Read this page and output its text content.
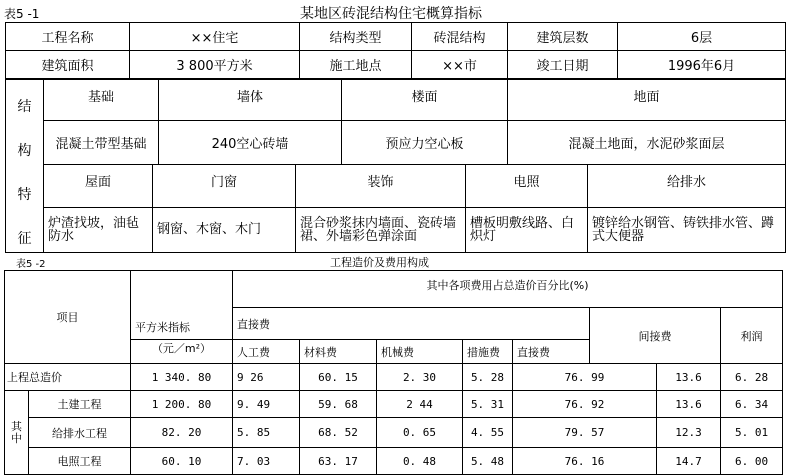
表5 -1	某地区砖混结构住宅概算指标
工程名称	××住宅	结构类型	砖混结构	建筑层数	6层
建筑面积	3 800平方米	施工地点	××市	竣工日期	1996年6月
结
构
特
征	基础		墙体		楼面		地面	
	混凝土带型基础		240空心砖墙		预应力空心板		混凝土地面，水泥砂浆面层	
	屋面	门窗		装饰		电照		给排水
	炉渣找坡，油毡防水	钢窗、木窗、木门		混合砂浆抹内墙面、瓷砖墙裙、外墙彩色弹涂面		槽板明敷线路、白炽灯		镀锌给水钢管、铸铁排水管、蹲式大便器
表5 -2	工程造价及费用构成
项目		平方米指标	其中各项费用占总造价百分比(%)								
			直接费					间接费		利润	
		（元／m²）	人工费	材料费	机械费	措施费	直接费				
上程总造价		1 340. 80	9 26	60. 15	2. 30	5. 28	76. 99		13.6	6. 28	
其中	土建工程	1 200. 80	9. 49	59. 68	2 44	5. 31	76. 92		13.6	6. 34	
	给排水工程	82. 20	5. 85	68. 52	0. 65	4. 55	79. 57		12.3	5. 01	
	电照工程	60. 10	7. 03	63. 17	0. 48	5. 48	76. 16		14.7	6. 00	
